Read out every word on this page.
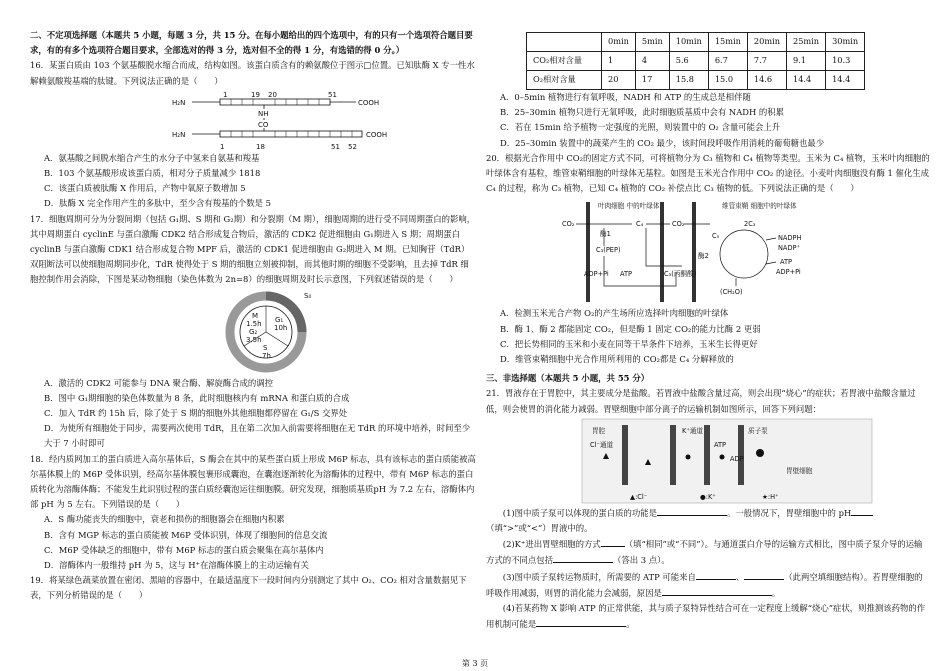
二、不定项选择题（本题共 5 小题，每题 3 分，共 15 分。在每小题给出的四个选项中，有的只有一个选项符合题目要求，有的有多个选项符合题目要求，全部选对的得 3 分，选对但不全的得 1 分，有选错的得 0 分。）

16．某蛋白质由 103 个氨基酸脱水缩合而成，结构如图。该蛋白质含有的赖氨酸位于图示□位置。已知肽酶 X 专一性水解赖氨酸羧基端的肽键。下列说法正确的是（　　）

1	19 20	51
H₂N	COOH
NH
CO
H₂N	COOH
1	18	51 52

A．氨基酸之间脱水缩合产生的水分子中氢来自氨基和羧基

B．103 个氨基酸形成该蛋白质，相对分子质量减少 1818

C．该蛋白质被肽酶 X 作用后，产物中氧原子数增加 5

D．肽酶 X 完全作用产生的多肽中，至少含有羧基的个数是 5

17．细胞周期可分为分裂间期（包括 G₁期、S 期和 G₂期）和分裂期（M 期），细胞周期的进行受不同周期蛋白的影响，其中周期蛋白 cyclinE 与蛋白激酶 CDK2 结合形成复合物后，激活的 CDK2 促进细胞由 G₁期进入 S 期；周期蛋白 cyclinB 与蛋白激酶 CDK1 结合形成复合物 MPF 后，激活的 CDK1 促进细胞由 G₂期进入 M 期。已知胸苷（TdR）双阻断法可以使细胞周期同步化，TdR 使得处于 S 期的细胞立刻被抑制，而其他时期的细胞不受影响，且去掉 TdR 细胞控制作用会消除，下图是某动物细胞（染色体数为 2n=8）的细胞周期及时长示意图，下列叙述错误的是（　　）

S₀
M
1.5h
G₂
3.5h
G₁
10h
S
7h

A．激活的 CDK2 可能参与 DNA 聚合酶、解旋酶合成的调控

B．图中 G₁期细胞的染色体数量为 8 条，此时细胞核内有 mRNA 和蛋白质的合成

C．加入 TdR 约 15h 后，除了处于 S 期的细胞外其他细胞都停留在 G₁/S 交界处

D．为使所有细胞处于同步，需要两次使用 TdR，且在第二次加入前需要将细胞在无 TdR 的环境中培养，时间至少大于 7 小时即可

18．经内质网加工的蛋白质进入高尔基体后，S 酶会在其中的某些蛋白质上形成 M6P 标志，具有该标志的蛋白质能被高尔基体膜上的 M6P 受体识别，经高尔基体膜包裹形成囊泡，在囊泡逐渐转化为溶酶体的过程中，带有 M6P 标志的蛋白质转化为溶酶体酶；不能发生此识别过程的蛋白质经囊泡运往细胞膜。研究发现，细胞质基质pH 为 7.2 左右，溶酶体内部 pH 为 5 左右。下列错误的是（　　）

A．S 酶功能丧失的细胞中，衰老和损伤的细胞器会在细胞内积累

B．含有 MGP 标志的蛋白质能被 M6P 受体识别，体现了细胞间的信息交流

C．M6P 受体缺乏的细胞中，带有 M6P 标志的蛋白质会聚集在高尔基体内

D．溶酶体内一般维持 pH 为 5，这与 H⁺在溶酶体膜上的主动运输有关

19．将某绿色蔬菜放置在密闭、黑暗的容器中，在最适温度下一段时间内分别测定了其中 O₂、CO₂ 相对含量数据见下表，下列分析错误的是（　　）

	0min	5min	10min	15min	20min	25min	30min
CO₂相对含量	1	4	5.6	6.7	7.7	9.1	10.3
O₂相对含量	20	17	15.8	15.0	14.6	14.4	14.4

A．0–5min 植物进行有氧呼吸，NADH 和 ATP 的生成总是相伴随

B．25–30min 植物只进行无氧呼吸，此时细胞质基质中会有 NADH 的积累

C．若在 15min 给予植物一定强度的光照，则装置中的 O₂ 含量可能会上升

D．25–30min 装置中的蔬菜产生的 CO₂ 最少，该时间段呼吸作用消耗的葡萄糖也最少

20．根据光合作用中 CO₂的固定方式不同，可将植物分为 C₃ 植物和 C₄ 植物等类型。玉米为 C₄ 植物，玉米叶肉细胞的叶绿体含有基粒，维管束鞘细胞的叶绿体无基粒。如图是玉米光合作用中 CO₂ 的途径。小麦叶肉细胞没有酶 1 催化生成 C₄ 的过程，称为 C₃ 植物，已知 C₄ 植物的 CO₂ 补偿点比 C₃ 植物的低。下列说法正确的是（　　）

叶肉细胞 中的叶绿体	维管束鞘 细胞中的叶绿体
CO₂	CO₂
C₄
酶1
C₃(PEP)
ADP+Pi ATP	C₃(丙酮酸)
C₅
酶2
2C₃
NADPH
NADP⁺
ATP
ADP+Pi
(CH₂O)

A．检测玉米光合产物 O₂的产生场所应选择叶肉细胞的叶绿体

B．酶 1、酶 2 都能固定 CO₂，但是酶 1 固定 CO₂的能力比酶 2 更弱

C．把长势相同的玉米和小麦在同等干旱条件下培养，玉米生长得更好

D．维管束鞘细胞中光合作用所利用的 CO₂都是 C₄ 分解释放的

三、非选择题（本题共 5 小题，共 55 分）

21．胃液存在于胃腔中，其主要成分是盐酸。若胃液中盐酸含量过高，则会出现“烧心”的症状；若胃液中盐酸含量过低，则会使胃的消化能力减弱。胃壁细胞中部分离子的运输机制如图所示，回答下列问题：

胃腔
Cl⁻通道
K⁺通道	质子泵
ATP
ADP
胃壁细胞
▲:Cl⁻	●:K⁺	★:H⁺

(1)图中质子泵可以体现的蛋白质的功能是	。一般情况下，胃壁细胞中的 pH（填“>”或“<”）胃液中的。

(2)K⁺进出胃壁细胞的方式	（填“相同”或“不同”）。与通道蛋白介导的运输方式相比，图中质子泵介导的运输方式的不同点包括	（答出 3 点）。

(3)图中质子泵转运物质时，所需要的 ATP 可能来自	、	（此两空填细胞结构）。若胃壁细胞的呼吸作用减弱，则胃的消化能力会减弱，原因是	。

(4)若某药物 X 影响 ATP 的正常供能，其与质子泵特异性结合可在一定程度上缓解“烧心”症状，则推测该药物的作用机制可能是	。

第 3 页
